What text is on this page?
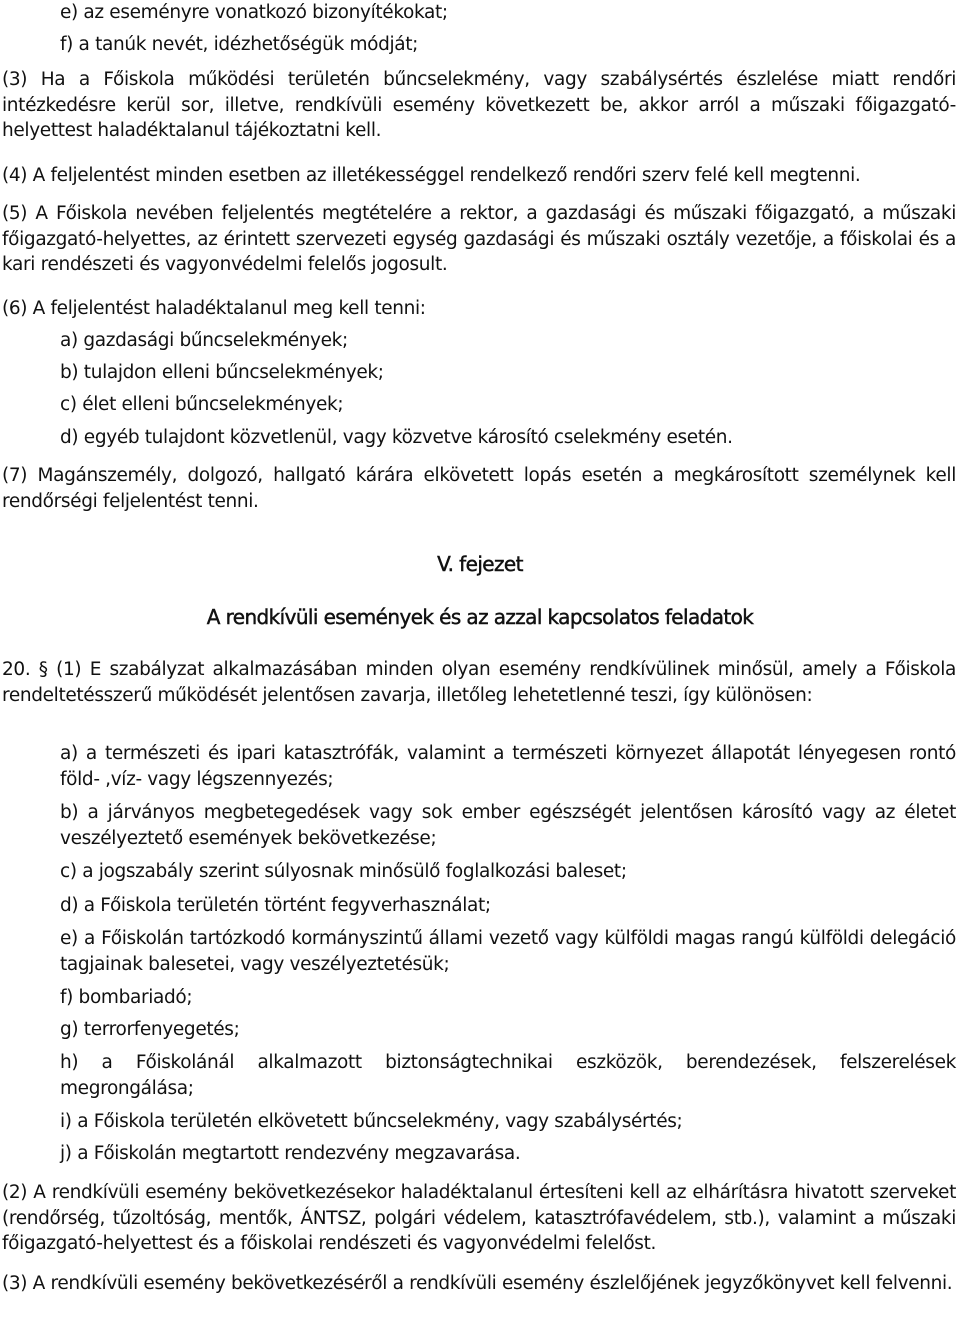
e) az eseményre vonatkozó bizonyítékokat;

f) a tanúk nevét, idézhetőségük módját;

(3) Ha a Főiskola működési területén bűncselekmény, vagy szabálysértés észlelése miatt rendőri intézkedésre kerül sor, illetve, rendkívüli esemény következett be, akkor arról a műszaki főigazgató-helyettest haladéktalanul tájékoztatni kell.

(4) A feljelentést minden esetben az illetékességgel rendelkező rendőri szerv felé kell megtenni.

(5) A Főiskola nevében feljelentés megtételére a rektor, a gazdasági és műszaki főigazgató, a műszaki főigazgató-helyettes, az érintett szervezeti egység gazdasági és műszaki osztály vezetője, a főiskolai és a kari rendészeti és vagyonvédelmi felelős jogosult.

(6) A feljelentést haladéktalanul meg kell tenni:

a) gazdasági bűncselekmények;

b) tulajdon elleni bűncselekmények;

c) élet elleni bűncselekmények;

d) egyéb tulajdont közvetlenül, vagy közvetve károsító cselekmény esetén.

(7) Magánszemély, dolgozó, hallgató kárára elkövetett lopás esetén a megkárosított személynek kell rendőrségi feljelentést tenni.

V. fejezet
A rendkívüli események és az azzal kapcsolatos feladatok

20. § (1) E szabályzat alkalmazásában minden olyan esemény rendkívülinek minősül, amely a Főiskola rendeltetésszerű működését jelentősen zavarja, illetőleg lehetetlenné teszi, így különösen:

a) a természeti és ipari katasztrófák, valamint a természeti környezet állapotát lényegesen rontó föld- ,víz- vagy légszennyezés;

b) a járványos megbetegedések vagy sok ember egészségét jelentősen károsító vagy az életet veszélyeztető események bekövetkezése;

c) a jogszabály szerint súlyosnak minősülő foglalkozási baleset;

d) a Főiskola területén történt fegyverhasználat;

e) a Főiskolán tartózkodó kormányszintű állami vezető vagy külföldi magas rangú külföldi delegáció tagjainak balesetei, vagy veszélyeztetésük;

f) bombariadó;

g) terrorfenyegetés;

h) a Főiskolánál alkalmazott biztonságtechnikai eszközök, berendezések, felszerelések megrongálása;

i) a Főiskola területén elkövetett bűncselekmény, vagy szabálysértés;

j) a Főiskolán megtartott rendezvény megzavarása.

(2) A rendkívüli esemény bekövetkezésekor haladéktalanul értesíteni kell az elhárításra hivatott szerveket (rendőrség, tűzoltóság, mentők, ÁNTSZ, polgári védelem, katasztrófavédelem, stb.), valamint a műszaki főigazgató-helyettest és a főiskolai rendészeti és vagyonvédelmi felelőst.

(3) A rendkívüli esemény bekövetkezéséről a rendkívüli esemény észlelőjének jegyzőkönyvet kell felvenni.
